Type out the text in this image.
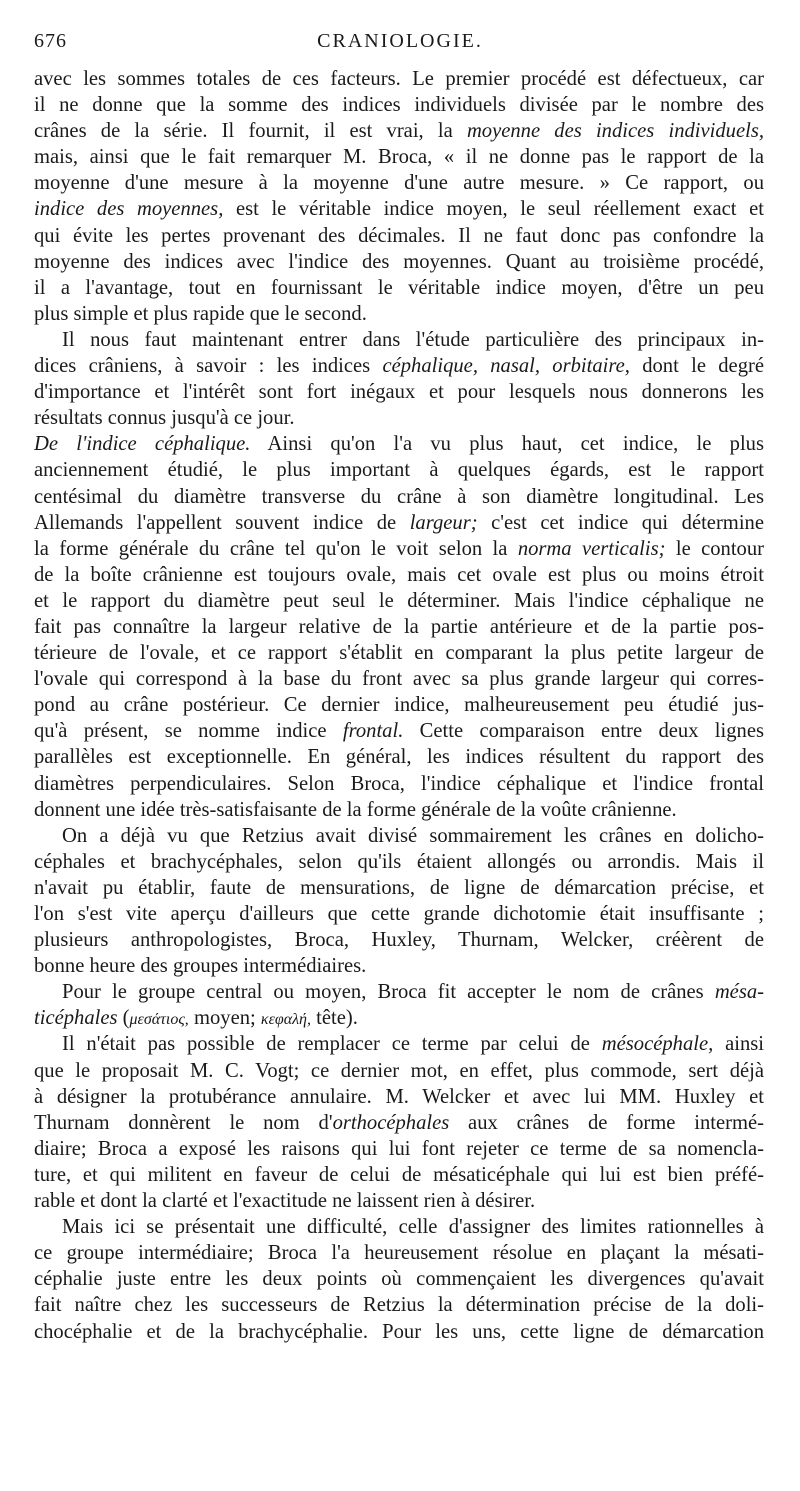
676	CRANIOLOGIE.
avec les sommes totales de ces facteurs. Le premier procédé est défectueux, car
il ne donne que la somme des indices individuels divisée par le nombre des
crânes de la série. Il fournit, il est vrai, la moyenne des indices individuels,
mais, ainsi que le fait remarquer M. Broca, « il ne donne pas le rapport de la
moyenne d'une mesure à la moyenne d'une autre mesure. » Ce rapport, ou
indice des moyennes, est le véritable indice moyen, le seul réellement exact et
qui évite les pertes provenant des décimales. Il ne faut donc pas confondre la
moyenne des indices avec l'indice des moyennes. Quant au troisième procédé,
il a l'avantage, tout en fournissant le véritable indice moyen, d'être un peu
plus simple et plus rapide que le second.
Il nous faut maintenant entrer dans l'étude particulière des principaux in-
dices crâniens, à savoir : les indices céphalique, nasal, orbitaire, dont le degré
d'importance et l'intérêt sont fort inégaux et pour lesquels nous donnerons les
résultats connus jusqu'à ce jour.
De l'indice céphalique. Ainsi qu'on l'a vu plus haut, cet indice, le plus
anciennement étudié, le plus important à quelques égards, est le rapport
centésimal du diamètre transverse du crâne à son diamètre longitudinal. Les
Allemands l'appellent souvent indice de largeur; c'est cet indice qui détermine
la forme générale du crâne tel qu'on le voit selon la norma verticalis; le contour
de la boîte crânienne est toujours ovale, mais cet ovale est plus ou moins étroit
et le rapport du diamètre peut seul le déterminer. Mais l'indice céphalique ne
fait pas connaître la largeur relative de la partie antérieure et de la partie pos-
térieure de l'ovale, et ce rapport s'établit en comparant la plus petite largeur de
l'ovale qui correspond à la base du front avec sa plus grande largeur qui corres-
pond au crâne postérieur. Ce dernier indice, malheureusement peu étudié jus-
qu'à présent, se nomme indice frontal. Cette comparaison entre deux lignes
parallèles est exceptionnelle. En général, les indices résultent du rapport des
diamètres perpendiculaires. Selon Broca, l'indice céphalique et l'indice frontal
donnent une idée très-satisfaisante de la forme générale de la voûte crânienne.
On a déjà vu que Retzius avait divisé sommairement les crânes en dolicho-
céphales et brachycéphales, selon qu'ils étaient allongés ou arrondis. Mais il
n'avait pu établir, faute de mensurations, de ligne de démarcation précise, et
l'on s'est vite aperçu d'ailleurs que cette grande dichotomie était insuffisante ;
plusieurs anthropologistes, Broca, Huxley, Thurnam, Welcker, créèrent de
bonne heure des groupes intermédiaires.
Pour le groupe central ou moyen, Broca fit accepter le nom de crânes mésa-
ticéphales (μεσάτιος, moyen; κεφαλή, tête).
Il n'était pas possible de remplacer ce terme par celui de mésocéphale, ainsi
que le proposait M. C. Vogt; ce dernier mot, en effet, plus commode, sert déjà
à désigner la protubérance annulaire. M. Welcker et avec lui MM. Huxley et
Thurnam donnèrent le nom d'orthocéphales aux crânes de forme intermé-
diaire; Broca a exposé les raisons qui lui font rejeter ce terme de sa nomencla-
ture, et qui militent en faveur de celui de mésaticéphale qui lui est bien préfé-
rable et dont la clarté et l'exactitude ne laissent rien à désirer.
Mais ici se présentait une difficulté, celle d'assigner des limites rationnelles à
ce groupe intermédiaire; Broca l'a heureusement résolue en plaçant la mésati-
céphalie juste entre les deux points où commençaient les divergences qu'avait
fait naître chez les successeurs de Retzius la détermination précise de la doli-
chocéphalie et de la brachycéphalie. Pour les uns, cette ligne de démarcation
